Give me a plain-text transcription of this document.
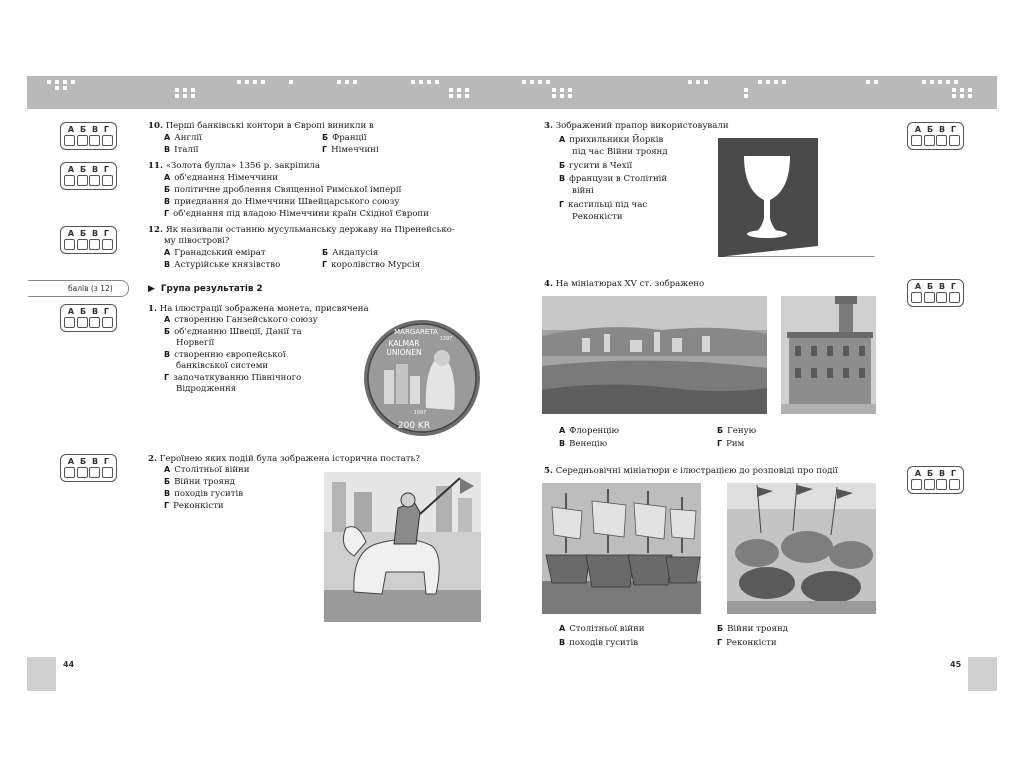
А Б В Г
А Б В Г
А Б В Г
А Б В Г
А Б В Г
А Б В Г
А Б В Г
А Б В Г
балів (з 12)
10. Перші банківські контори в Європі виникли в
А Англії	Б Франції
В Італії	Г Німеччині
11. «Золота булла» 1356 р. закріпила
А об'єднання Німеччини
Б політичне дроблення Священної Римської імперії
В приєднання до Німеччини Швейцарського союзу
Г об'єднання під владою Німеччини країн Східної Європи
12. Як називали останню мусульманську державу на Піренейсько-
му півострові?
А Гранадський емірат	Б Андалусія
В Астурійське князівство	Г королівство Мурсія
▶ Група результатів 2
1. На ілюстрації зображена монета, присвячена
А створенню Ганзейського союзу
Б об'єднанню Швеції, Данії та
Норвегії
В створенню європейської
банківської системи
Г започаткуванню Північного
Відродження
MARGARETA
KALMAR
UNIONEN
1397
1997
200 KR
2. Героїнею яких подій була зображена історична постать?
А Столітньої війни
Б Війни троянд
В походів гуситів
Г Реконкісти
3. Зображений прапор використовували
А прихильники Йорків
під час Війни троянд
Б гусити в Чехії
В французи в Столітній
війні
Г кастильці під час
Реконкісти
4. На мініатюрах XV ст. зображено
А Флоренцію	Б Геную
В Венецію	Г Рим
5. Середньовічні мініатюри є ілюстрацією до розповіді про події
А Столітньої війни	Б Війни троянд
В походів гуситів	Г Реконкісти
44	45
